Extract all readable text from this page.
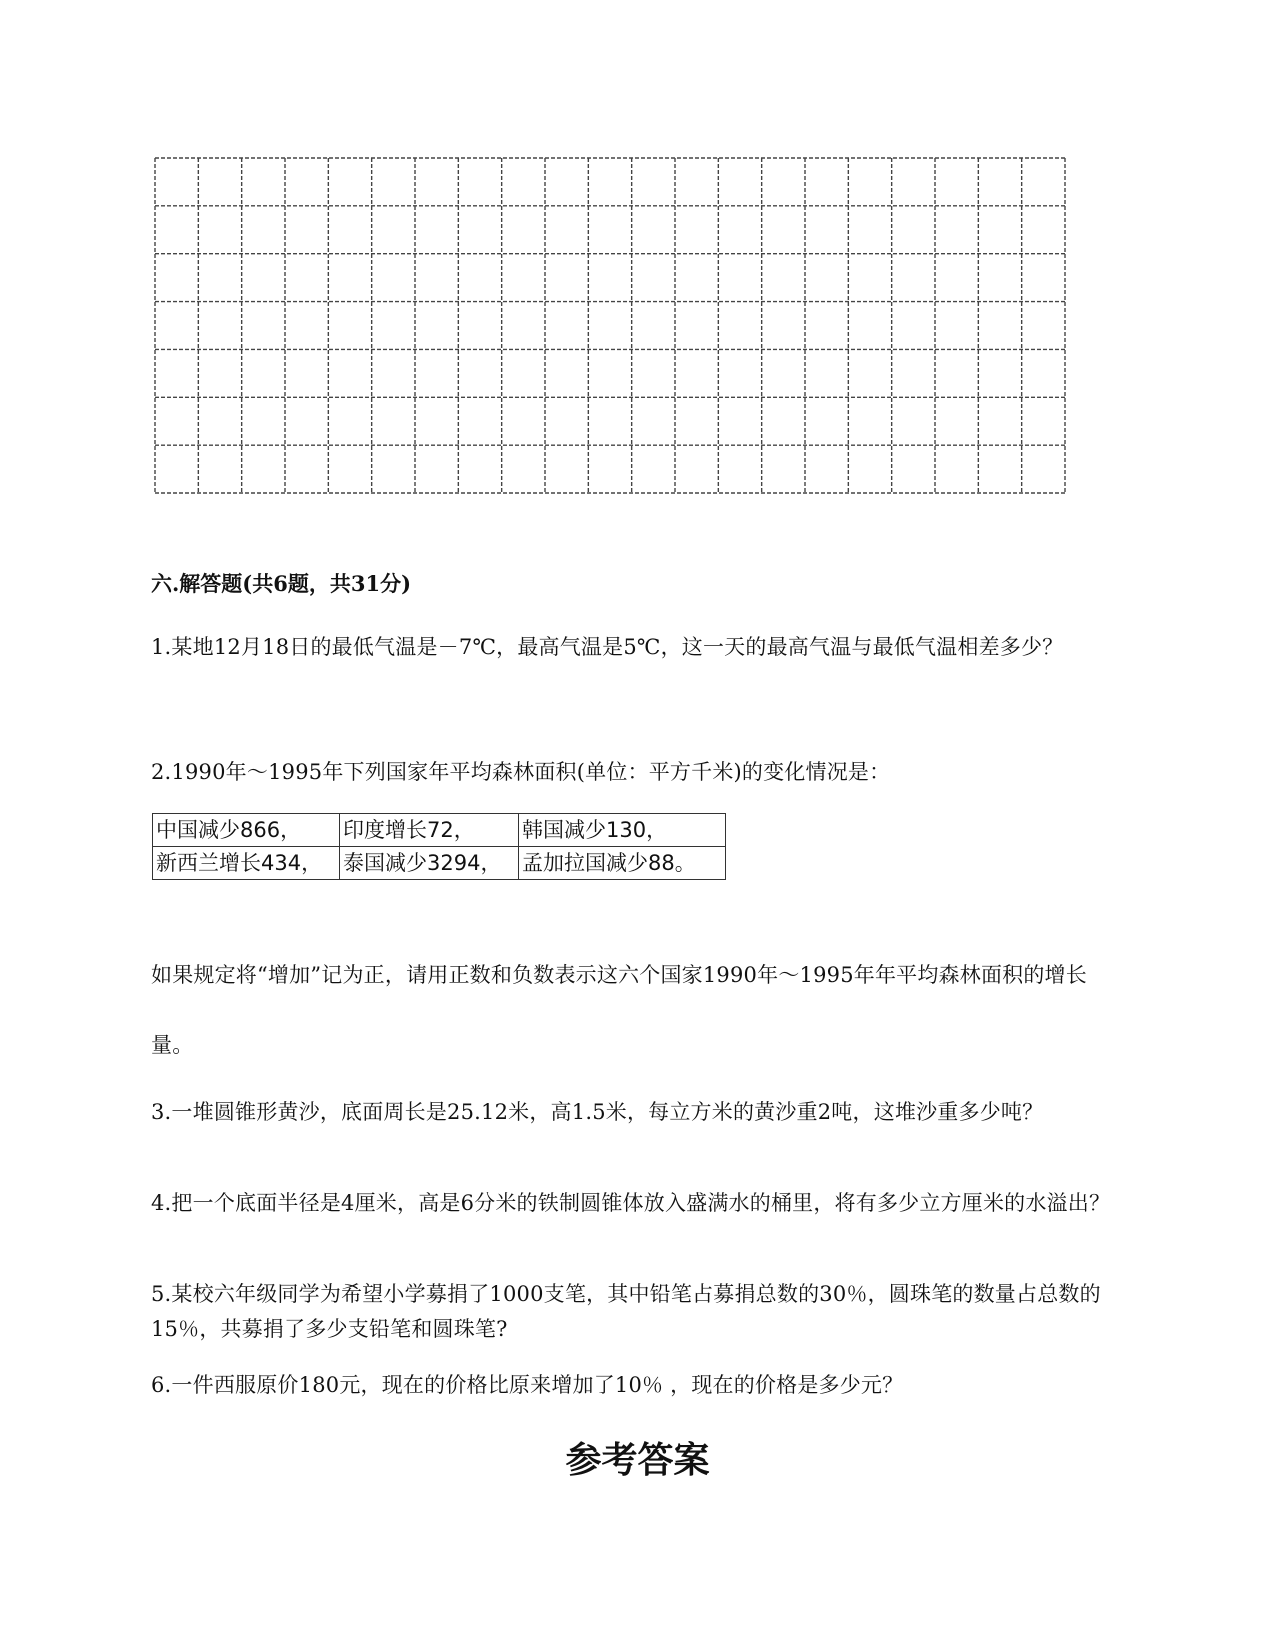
六.解答题(共6题，共31分)

1.某地12月18日的最低气温是－7℃，最高气温是5℃，这一天的最高气温与最低气温相差多少？

2.1990年～1995年下列国家年平均森林面积(单位：平方千米)的变化情况是：

中国减少866，	印度增长72，	韩国减少130，
新西兰增长434，	泰国减少3294，	孟加拉国减少88。

如果规定将“增加”记为正，请用正数和负数表示这六个国家1990年～1995年年平均森林面积的增长量。

3.一堆圆锥形黄沙，底面周长是25.12米，高1.5米，每立方米的黄沙重2吨，这堆沙重多少吨？

4.把一个底面半径是4厘米，高是6分米的铁制圆锥体放入盛满水的桶里，将有多少立方厘米的水溢出？

5.某校六年级同学为希望小学募捐了1000支笔，其中铅笔占募捐总数的30％，圆珠笔的数量占总数的15％，共募捐了多少支铅笔和圆珠笔?

6.一件西服原价180元，现在的价格比原来增加了10％ ，现在的价格是多少元？

参考答案
